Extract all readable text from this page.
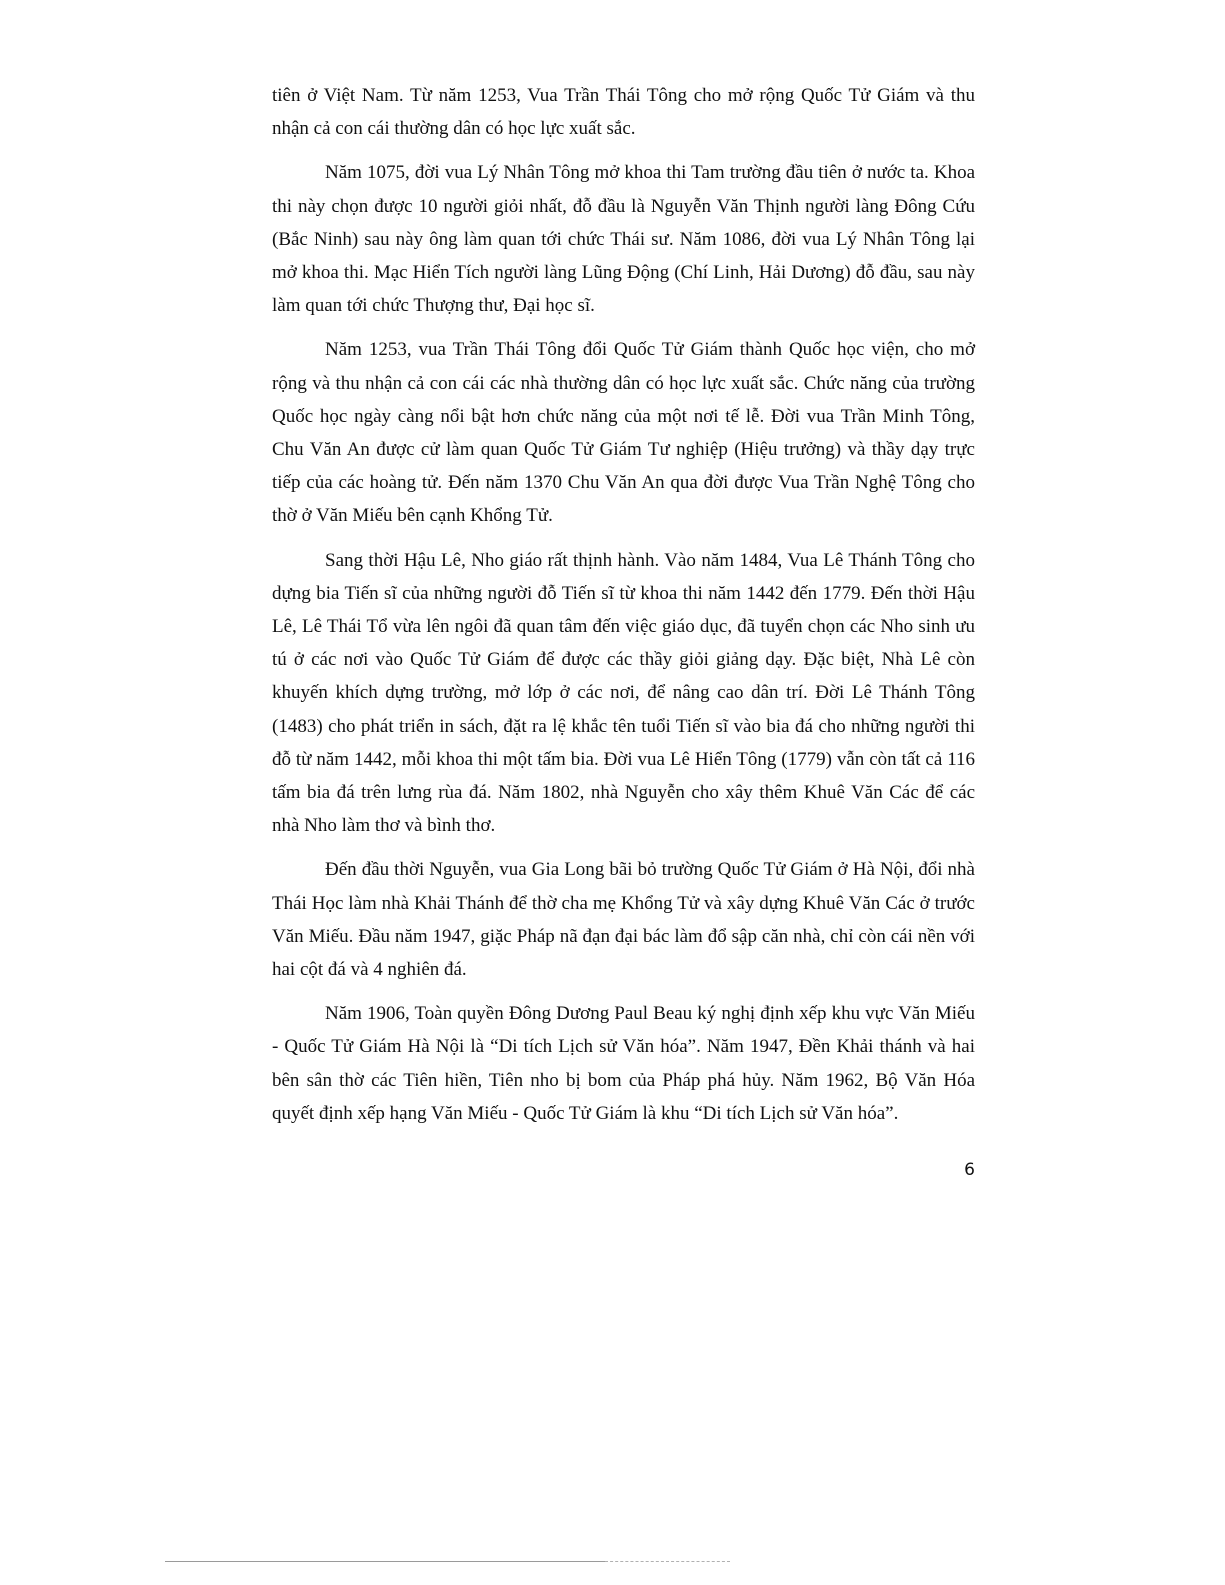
tiên ở Việt Nam. Từ năm 1253, Vua Trần Thái Tông cho mở rộng Quốc Tử Giám và thu nhận cả con cái thường dân có học lực xuất sắc.

Năm 1075, đời vua Lý Nhân Tông mở khoa thi Tam trường đầu tiên ở nước ta. Khoa thi này chọn được 10 người giỏi nhất, đỗ đầu là Nguyễn Văn Thịnh người làng Đông Cứu (Bắc Ninh) sau này ông làm quan tới chức Thái sư. Năm 1086, đời vua Lý Nhân Tông lại mở khoa thi. Mạc Hiển Tích người làng Lũng Động (Chí Linh, Hải Dương) đỗ đầu, sau này làm quan tới chức Thượng thư, Đại học sĩ.

Năm 1253, vua Trần Thái Tông đổi Quốc Tử Giám thành Quốc học viện, cho mở rộng và thu nhận cả con cái các nhà thường dân có học lực xuất sắc. Chức năng của trường Quốc học ngày càng nổi bật hơn chức năng của một nơi tế lễ. Đời vua Trần Minh Tông, Chu Văn An được cử làm quan Quốc Tử Giám Tư nghiệp (Hiệu trưởng) và thầy dạy trực tiếp của các hoàng tử. Đến năm 1370 Chu Văn An qua đời được Vua Trần Nghệ Tông cho thờ ở Văn Miếu bên cạnh Khổng Tử.

Sang thời Hậu Lê, Nho giáo rất thịnh hành. Vào năm 1484, Vua Lê Thánh Tông cho dựng bia Tiến sĩ của những người đỗ Tiến sĩ từ khoa thi năm 1442 đến 1779. Đến thời Hậu Lê, Lê Thái Tổ vừa lên ngôi đã quan tâm đến việc giáo dục, đã tuyển chọn các Nho sinh ưu tú ở các nơi vào Quốc Tử Giám để được các thầy giỏi giảng dạy. Đặc biệt, Nhà Lê còn khuyến khích dựng trường, mở lớp ở các nơi, để nâng cao dân trí. Đời Lê Thánh Tông (1483) cho phát triển in sách, đặt ra lệ khắc tên tuổi Tiến sĩ vào bia đá cho những người thi đỗ từ năm 1442, mỗi khoa thi một tấm bia. Đời vua Lê Hiển Tông (1779) vẫn còn tất cả 116 tấm bia đá trên lưng rùa đá. Năm 1802, nhà Nguyễn cho xây thêm Khuê Văn Các để các nhà Nho làm thơ và bình thơ.

Đến đầu thời Nguyễn, vua Gia Long bãi bỏ trường Quốc Tử Giám ở Hà Nội, đổi nhà Thái Học làm nhà Khải Thánh để thờ cha mẹ Khổng Tử và xây dựng Khuê Văn Các ở trước Văn Miếu. Đầu năm 1947, giặc Pháp nã đạn đại bác làm đổ sập căn nhà, chỉ còn cái nền với hai cột đá và 4 nghiên đá.

Năm 1906, Toàn quyền Đông Dương Paul Beau ký nghị định xếp khu vực Văn Miếu - Quốc Tử Giám Hà Nội là “Di tích Lịch sử Văn hóa”. Năm 1947, Đền Khải thánh và hai bên sân thờ các Tiên hiền, Tiên nho bị bom của Pháp phá hủy. Năm 1962, Bộ Văn Hóa quyết định xếp hạng Văn Miếu - Quốc Tử Giám là khu “Di tích Lịch sử Văn hóa”.

6
